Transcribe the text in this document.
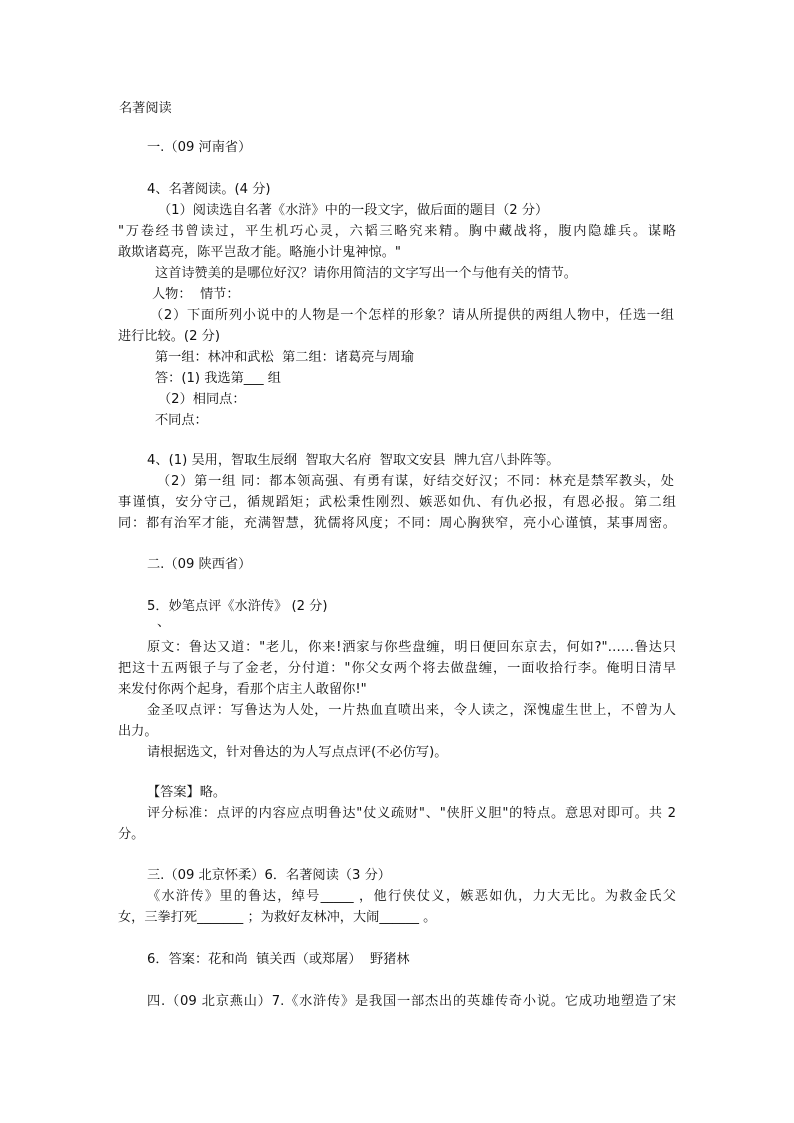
名著阅读
一.（09 河南省）
4、名著阅读。(4 分)
（1）阅读选自名著《水浒》中的一段文字，做后面的题目（2 分）
"万卷经书曾读过，平生机巧心灵，六韬三略究来精。胸中藏战将，腹内隐雄兵。谋略
敢欺诸葛亮，陈平岂敌才能。略施小计鬼神惊。"
这首诗赞美的是哪位好汉？请你用简洁的文字写出一个与他有关的情节。
人物：  情节：
（2）下面所列小说中的人物是一个怎样的形象？请从所提供的两组人物中，任选一组
进行比较。(2 分)
第一组：林冲和武松  第二组：诸葛亮与周瑜
答：(1) 我选第___ 组
（2）相同点：
不同点：
4、(1) 吴用，智取生辰纲  智取大名府  智取文安县  牌九宫八卦阵等。
（2）第一组 同：都本领高强、有勇有谋，好结交好汉；不同：林充是禁军教头，处
事谨慎，安分守己，循规蹈矩；武松秉性刚烈、嫉恶如仇、有仇必报，有恩必报。第二组
同：都有治军才能，充满智慧，犹儒将风度；不同：周心胸狭窄，亮小心谨慎，某事周密。
二.（09 陕西省）
5．妙笔点评《水浒传》 (2 分)
、
原文：鲁达又道："老儿，你来!洒家与你些盘缠，明日便回东京去，何如?"……鲁达只
把这十五两银子与了金老，分付道："你父女两个将去做盘缠，一面收拾行李。俺明日清早
来发付你两个起身，看那个店主人敢留你!"
金圣叹点评：写鲁达为人处，一片热血直喷出来，令人读之，深愧虚生世上，不曾为人
出力。
请根据选文，针对鲁达的为人写点点评(不必仿写)。
【答案】略。
评分标准：点评的内容应点明鲁达"仗义疏财"、"侠肝义胆"的特点。意思对即可。共 2
分。
三.（09 北京怀柔）6．名著阅读（3 分）
《水浒传》里的鲁达，绰号_____ ，他行侠仗义，嫉恶如仇，力大无比。为救金氏父
女，三拳打死_______ ；为救好友林冲，大闹______ 。
6．答案：花和尚  镇关西（或郑屠）  野猪林
四.（09 北京燕山）7.《水浒传》是我国一部杰出的英雄传奇小说。它成功地塑造了宋
